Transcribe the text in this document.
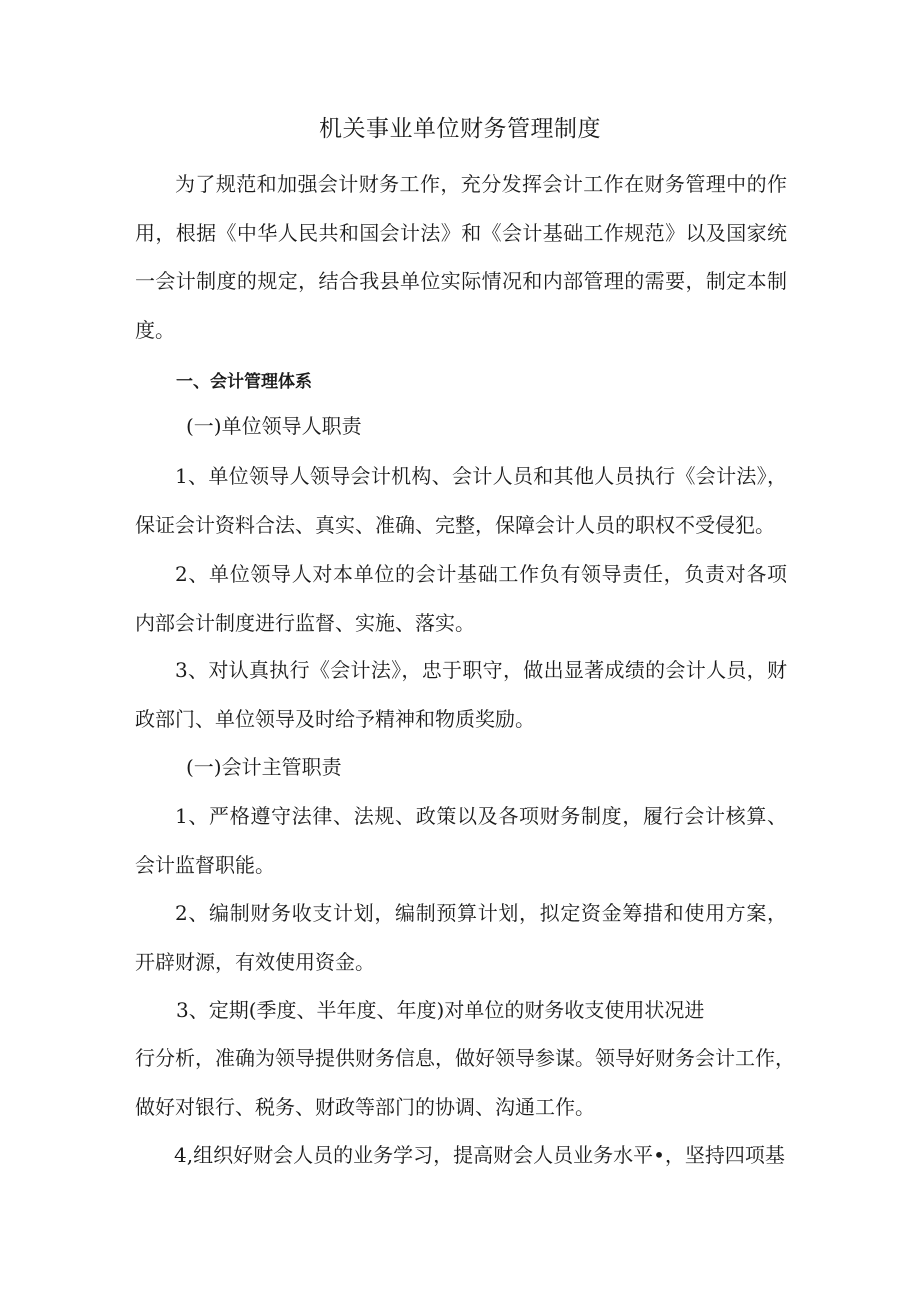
机关事业单位财务管理制度
为了规范和加强会计财务工作，充分发挥会计工作在财务管理中的作用，根据《中华人民共和国会计法》和《会计基础工作规范》以及国家统一会计制度的规定，结合我县单位实际情况和内部管理的需要，制定本制度。
一、会计管理体系
(一)单位领导人职责
1、单位领导人领导会计机构、会计人员和其他人员执行《会计法》，保证会计资料合法、真实、准确、完整，保障会计人员的职权不受侵犯。
2、单位领导人对本单位的会计基础工作负有领导责任，负责对各项内部会计制度进行监督、实施、落实。
3、对认真执行《会计法》，忠于职守，做出显著成绩的会计人员，财政部门、单位领导及时给予精神和物质奖励。
(一)会计主管职责
1、严格遵守法律、法规、政策以及各项财务制度，履行会计核算、会计监督职能。
2、编制财务收支计划，编制预算计划，拟定资金筹措和使用方案，开辟财源，有效使用资金。
3、定期(季度、半年度、年度)对单位的财务收支使用状况进
行分析，准确为领导提供财务信息，做好领导参谋。领导好财务会计工作，
做好对银行、税务、财政等部门的协调、沟通工作。
4,组织好财会人员的业务学习，提高财会人员业务水平•，坚持四项基
